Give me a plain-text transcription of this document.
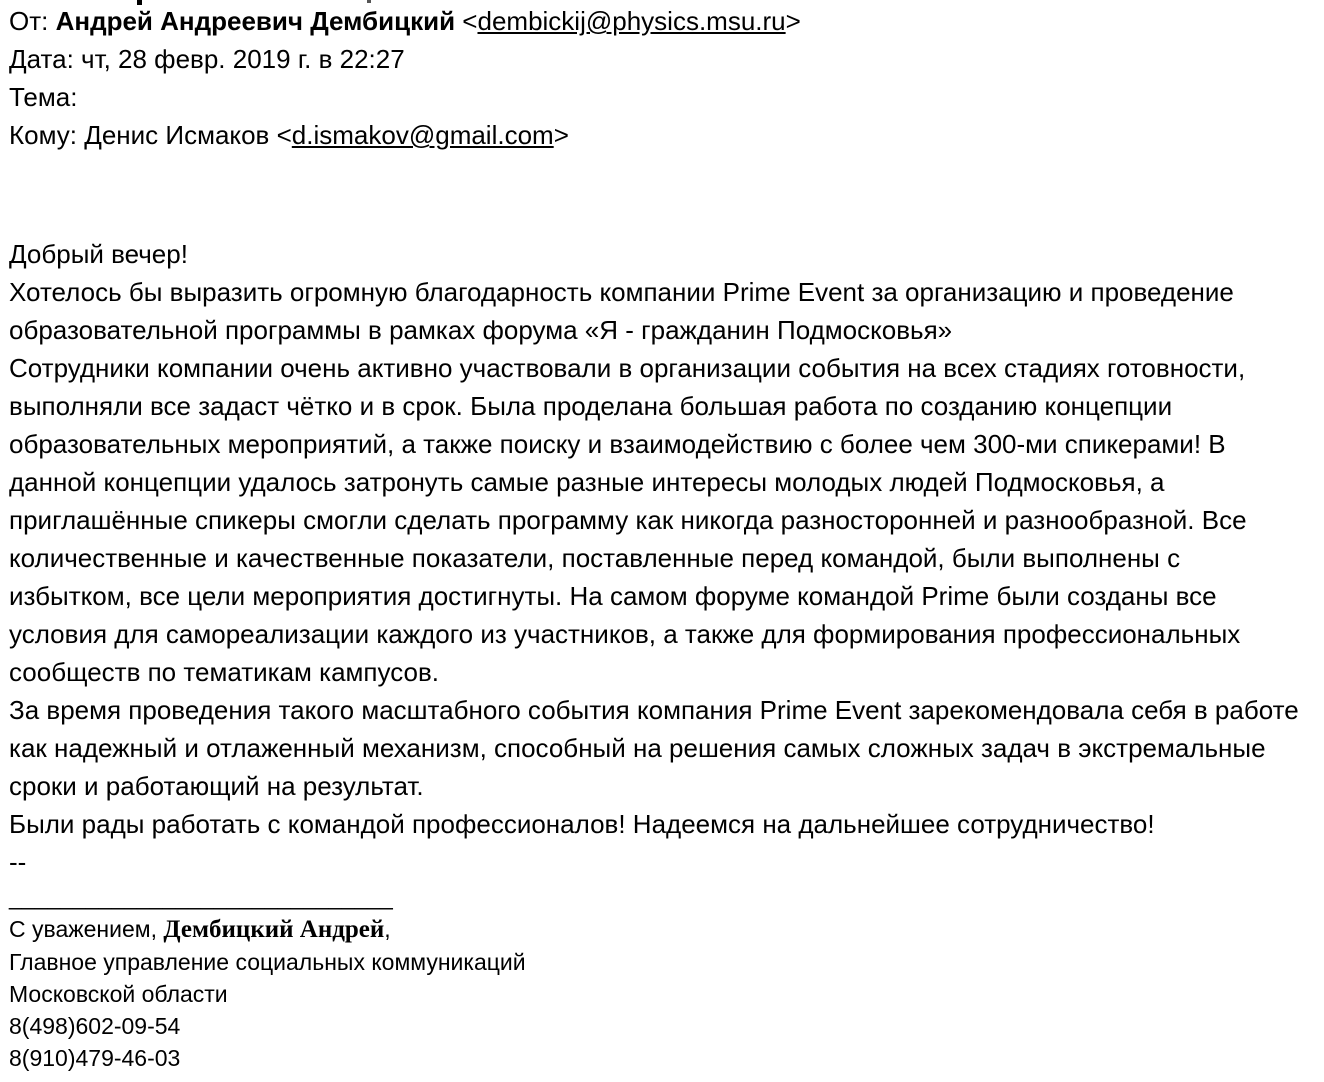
От: Андрей Андреевич Дембицкий <dembickij@physics.msu.ru>
Дата: чт, 28 февр. 2019 г. в 22:27
Тема:
Кому: Денис Исмаков <d.ismakov@gmail.com>
Добрый вечер!
Хотелось бы выразить огромную благодарность компании Prime Event за организацию и проведение
образовательной программы в рамках форума «Я - гражданин Подмосковья»
Сотрудники компании очень активно участвовали в организации события на всех стадиях готовности,
выполняли все задаст чётко и в срок. Была проделана большая работа по созданию концепции
образовательных мероприятий, а также поиску и взаимодействию с более чем 300-ми спикерами! В
данной концепции удалось затронуть самые разные интересы молодых людей Подмосковья, а
приглашённые спикеры смогли сделать программу как никогда разносторонней и разнообразной. Все
количественные и качественные показатели, поставленные перед командой, были выполнены с
избытком, все цели мероприятия достигнуты. На самом форуме командой Prime были созданы все
условия для самореализации каждого из участников, а также для формирования профессиональных
сообществ по тематикам кампусов.
За время проведения такого масштабного события компания Prime Event зарекомендовала себя в работе
как надежный и отлаженный механизм, способный на решения самых сложных задач в экстремальные
сроки и работающий на результат.
Были рады работать с командой профессионалов! Надеемся на дальнейшее сотрудничество!
--
______________________________
С уважением, Дембицкий Андрей,
Главное управление социальных коммуникаций
Московской области
8(498)602-09-54
8(910)479-46-03
